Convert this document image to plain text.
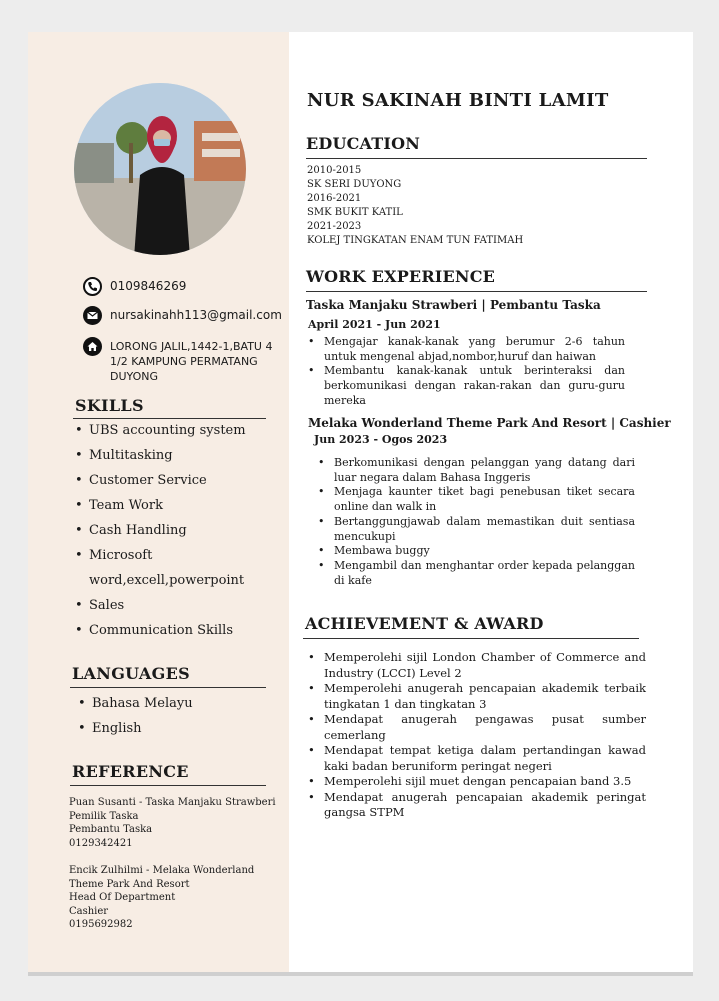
0109846269
nursakinahh113@gmail.com
LORONG JALIL,1442-1,BATU 4 1/2 KAMPUNG PERMATANG DUYONG
SKILLS
• UBS accounting system
• Multitasking
• Customer Service
• Team Work
• Cash Handling
• Microsoft
word,excell,powerpoint
• Sales
• Communication Skills
LANGUAGES
• Bahasa Melayu
• English
REFERENCE

Puan Susanti - Taska Manjaku Strawberi

Pemilik Taska

Pembantu Taska

0129342421

Encik Zulhilmi - Melaka Wonderland

Theme Park And Resort

Head Of Department

Cashier

0195692982

NUR SAKINAH BINTI LAMIT
EDUCATION
2010-2015
SK SERI DUYONG
2016-2021
SMK BUKIT KATIL
2021-2023
KOLEJ TINGKATAN ENAM TUN FATIMAH
WORK EXPERIENCE
Taska Manjaku Strawberi | Pembantu Taska
April 2021 - Jun 2021
• Mengajar kanak-kanak yang berumur 2-6 tahun untuk mengenal abjad,nombor,huruf dan haiwan
• Membantu kanak-kanak untuk berinteraksi dan berkomunikasi dengan rakan-rakan dan guru-guru mereka
Melaka Wonderland Theme Park And Resort | Cashier
Jun 2023 - Ogos 2023
• Berkomunikasi dengan pelanggan yang datang dari luar negara dalam Bahasa Inggeris
• Menjaga kaunter tiket bagi penebusan tiket secara online dan walk in
• Bertanggungjawab dalam memastikan duit sentiasa mencukupi
• Membawa buggy
• Mengambil dan menghantar order kepada pelanggan di kafe
ACHIEVEMENT & AWARD
• Memperolehi sijil London Chamber of Commerce and Industry (LCCI) Level 2
• Memperolehi anugerah pencapaian akademik terbaik tingkatan 1 dan tingkatan 3
• Mendapat anugerah pengawas pusat sumber cemerlang
• Mendapat tempat ketiga dalam pertandingan kawad kaki badan beruniform peringat negeri
• Memperolehi sijil muet dengan pencapaian band 3.5
• Mendapat anugerah pencapaian akademik peringat gangsa STPM
